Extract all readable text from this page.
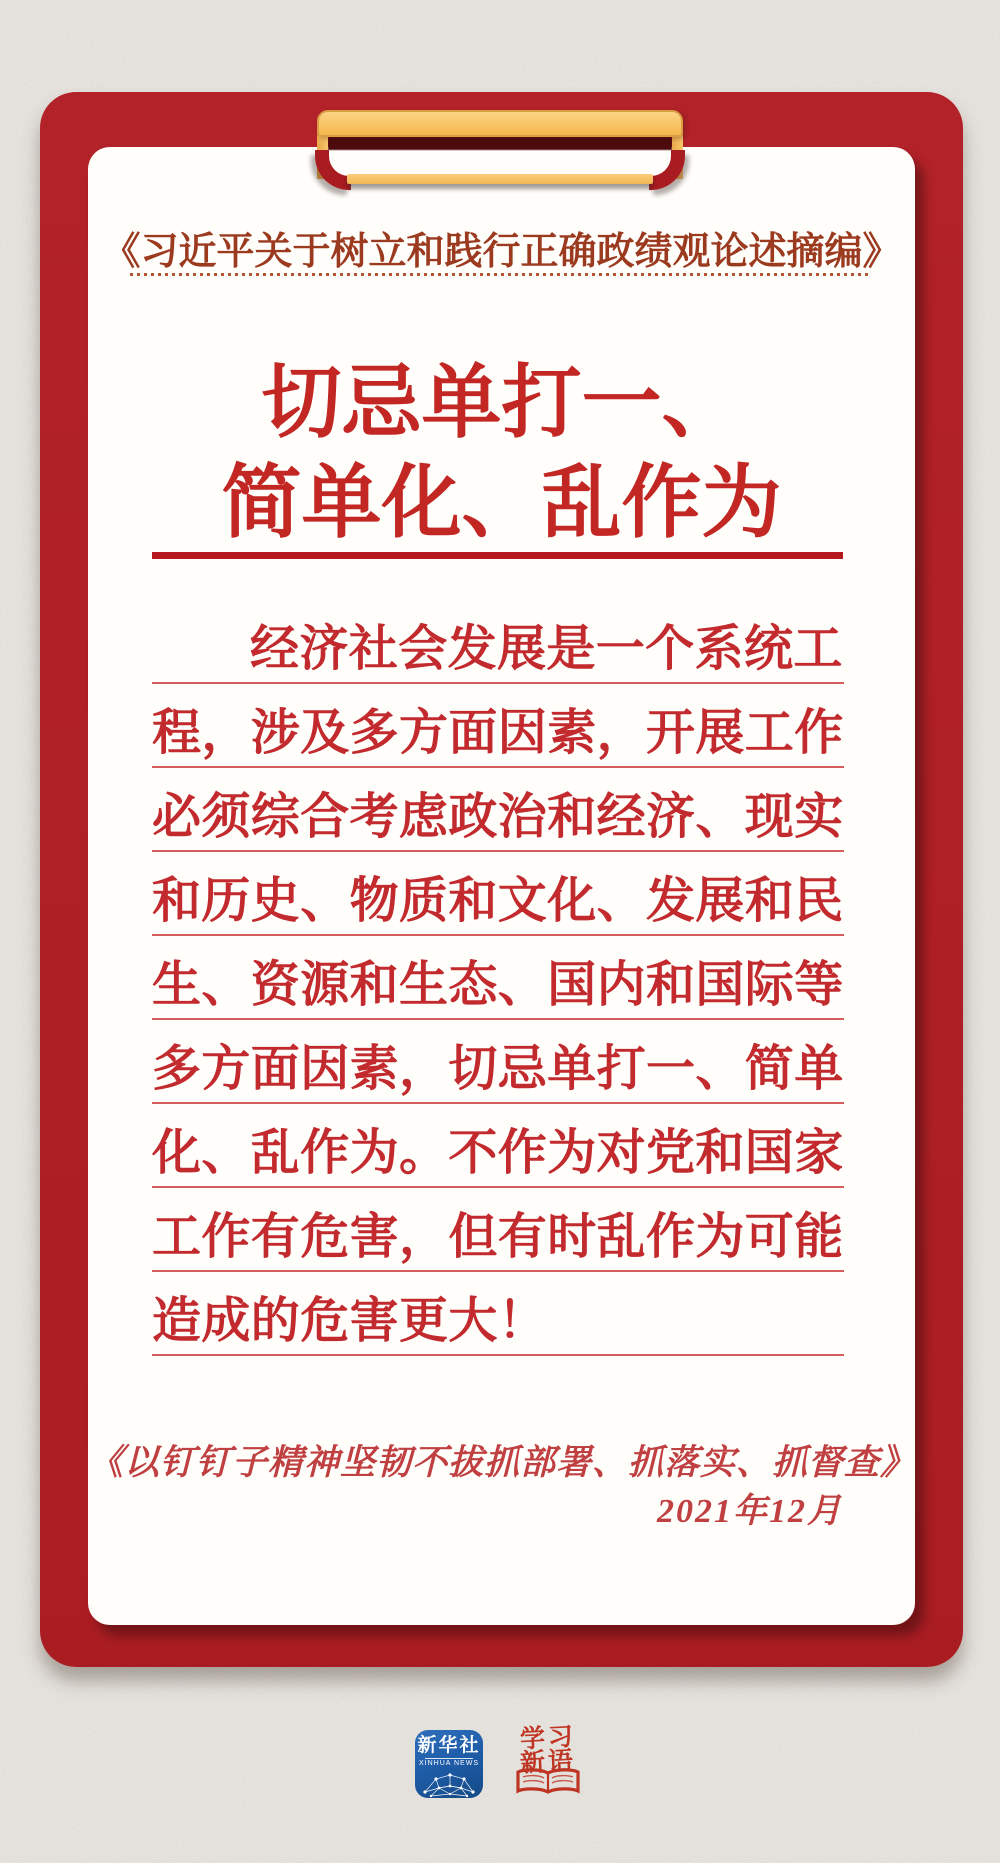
《习近平关于树立和践行正确政绩观论述摘编》
切忌单打一、
简单化、乱作为
经济社会发展是一个系统工
程，涉及多方面因素，开展工作
必须综合考虑政治和经济、现实
和历史、物质和文化、发展和民
生、资源和生态、国内和国际等
多方面因素，切忌单打一、简单
化、乱作为。不作为对党和国家
工作有危害，但有时乱作为可能
造成的危害更大！
《以钉钉子精神坚韧不拔抓部署、抓落实、抓督查》
2021年12月
新华社
XINHUA NEWS
学习
新语
